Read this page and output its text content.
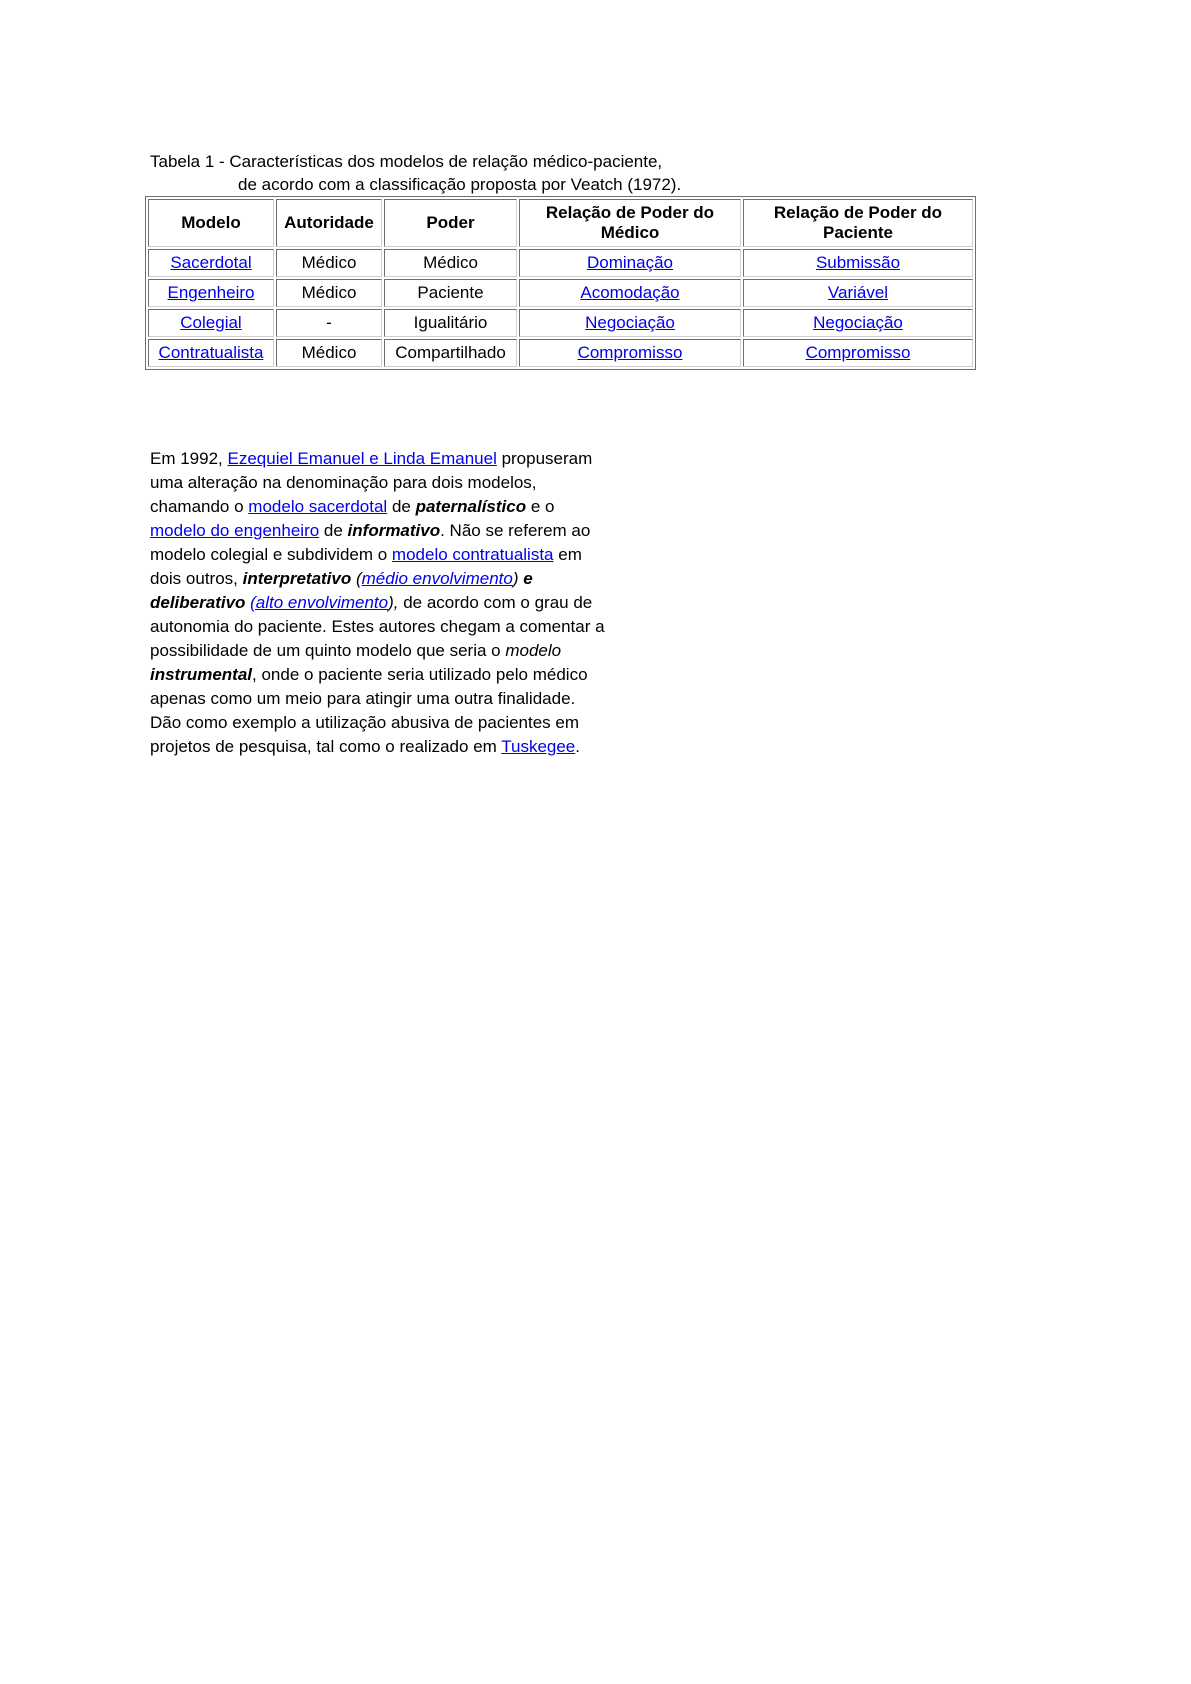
Tabela 1 - Características dos modelos de relação médico-paciente,
de acordo com a classificação proposta por Veatch (1972).
Modelo	Autoridade	Poder	Relação de Poder do Médico	Relação de Poder do Paciente
Sacerdotal	Médico	Médico	Dominação	Submissão
Engenheiro	Médico	Paciente	Acomodação	Variável
Colegial	-	Igualitário	Negociação	Negociação
Contratualista	Médico	Compartilhado	Compromisso	Compromisso

Em 1992, Ezequiel Emanuel e Linda Emanuel propuseram uma alteração na denominação para dois modelos, chamando o modelo sacerdotal de paternalístico e o modelo do engenheiro de informativo. Não se referem ao modelo colegial e subdividem o modelo contratualista em dois outros, interpretativo (médio envolvimento) e deliberativo (alto envolvimento), de acordo com o grau de autonomia do paciente. Estes autores chegam a comentar a possibilidade de um quinto modelo que seria o modelo instrumental, onde o paciente seria utilizado pelo médico apenas como um meio para atingir uma outra finalidade. Dão como exemplo a utilização abusiva de pacientes em projetos de pesquisa, tal como o realizado em Tuskegee.
